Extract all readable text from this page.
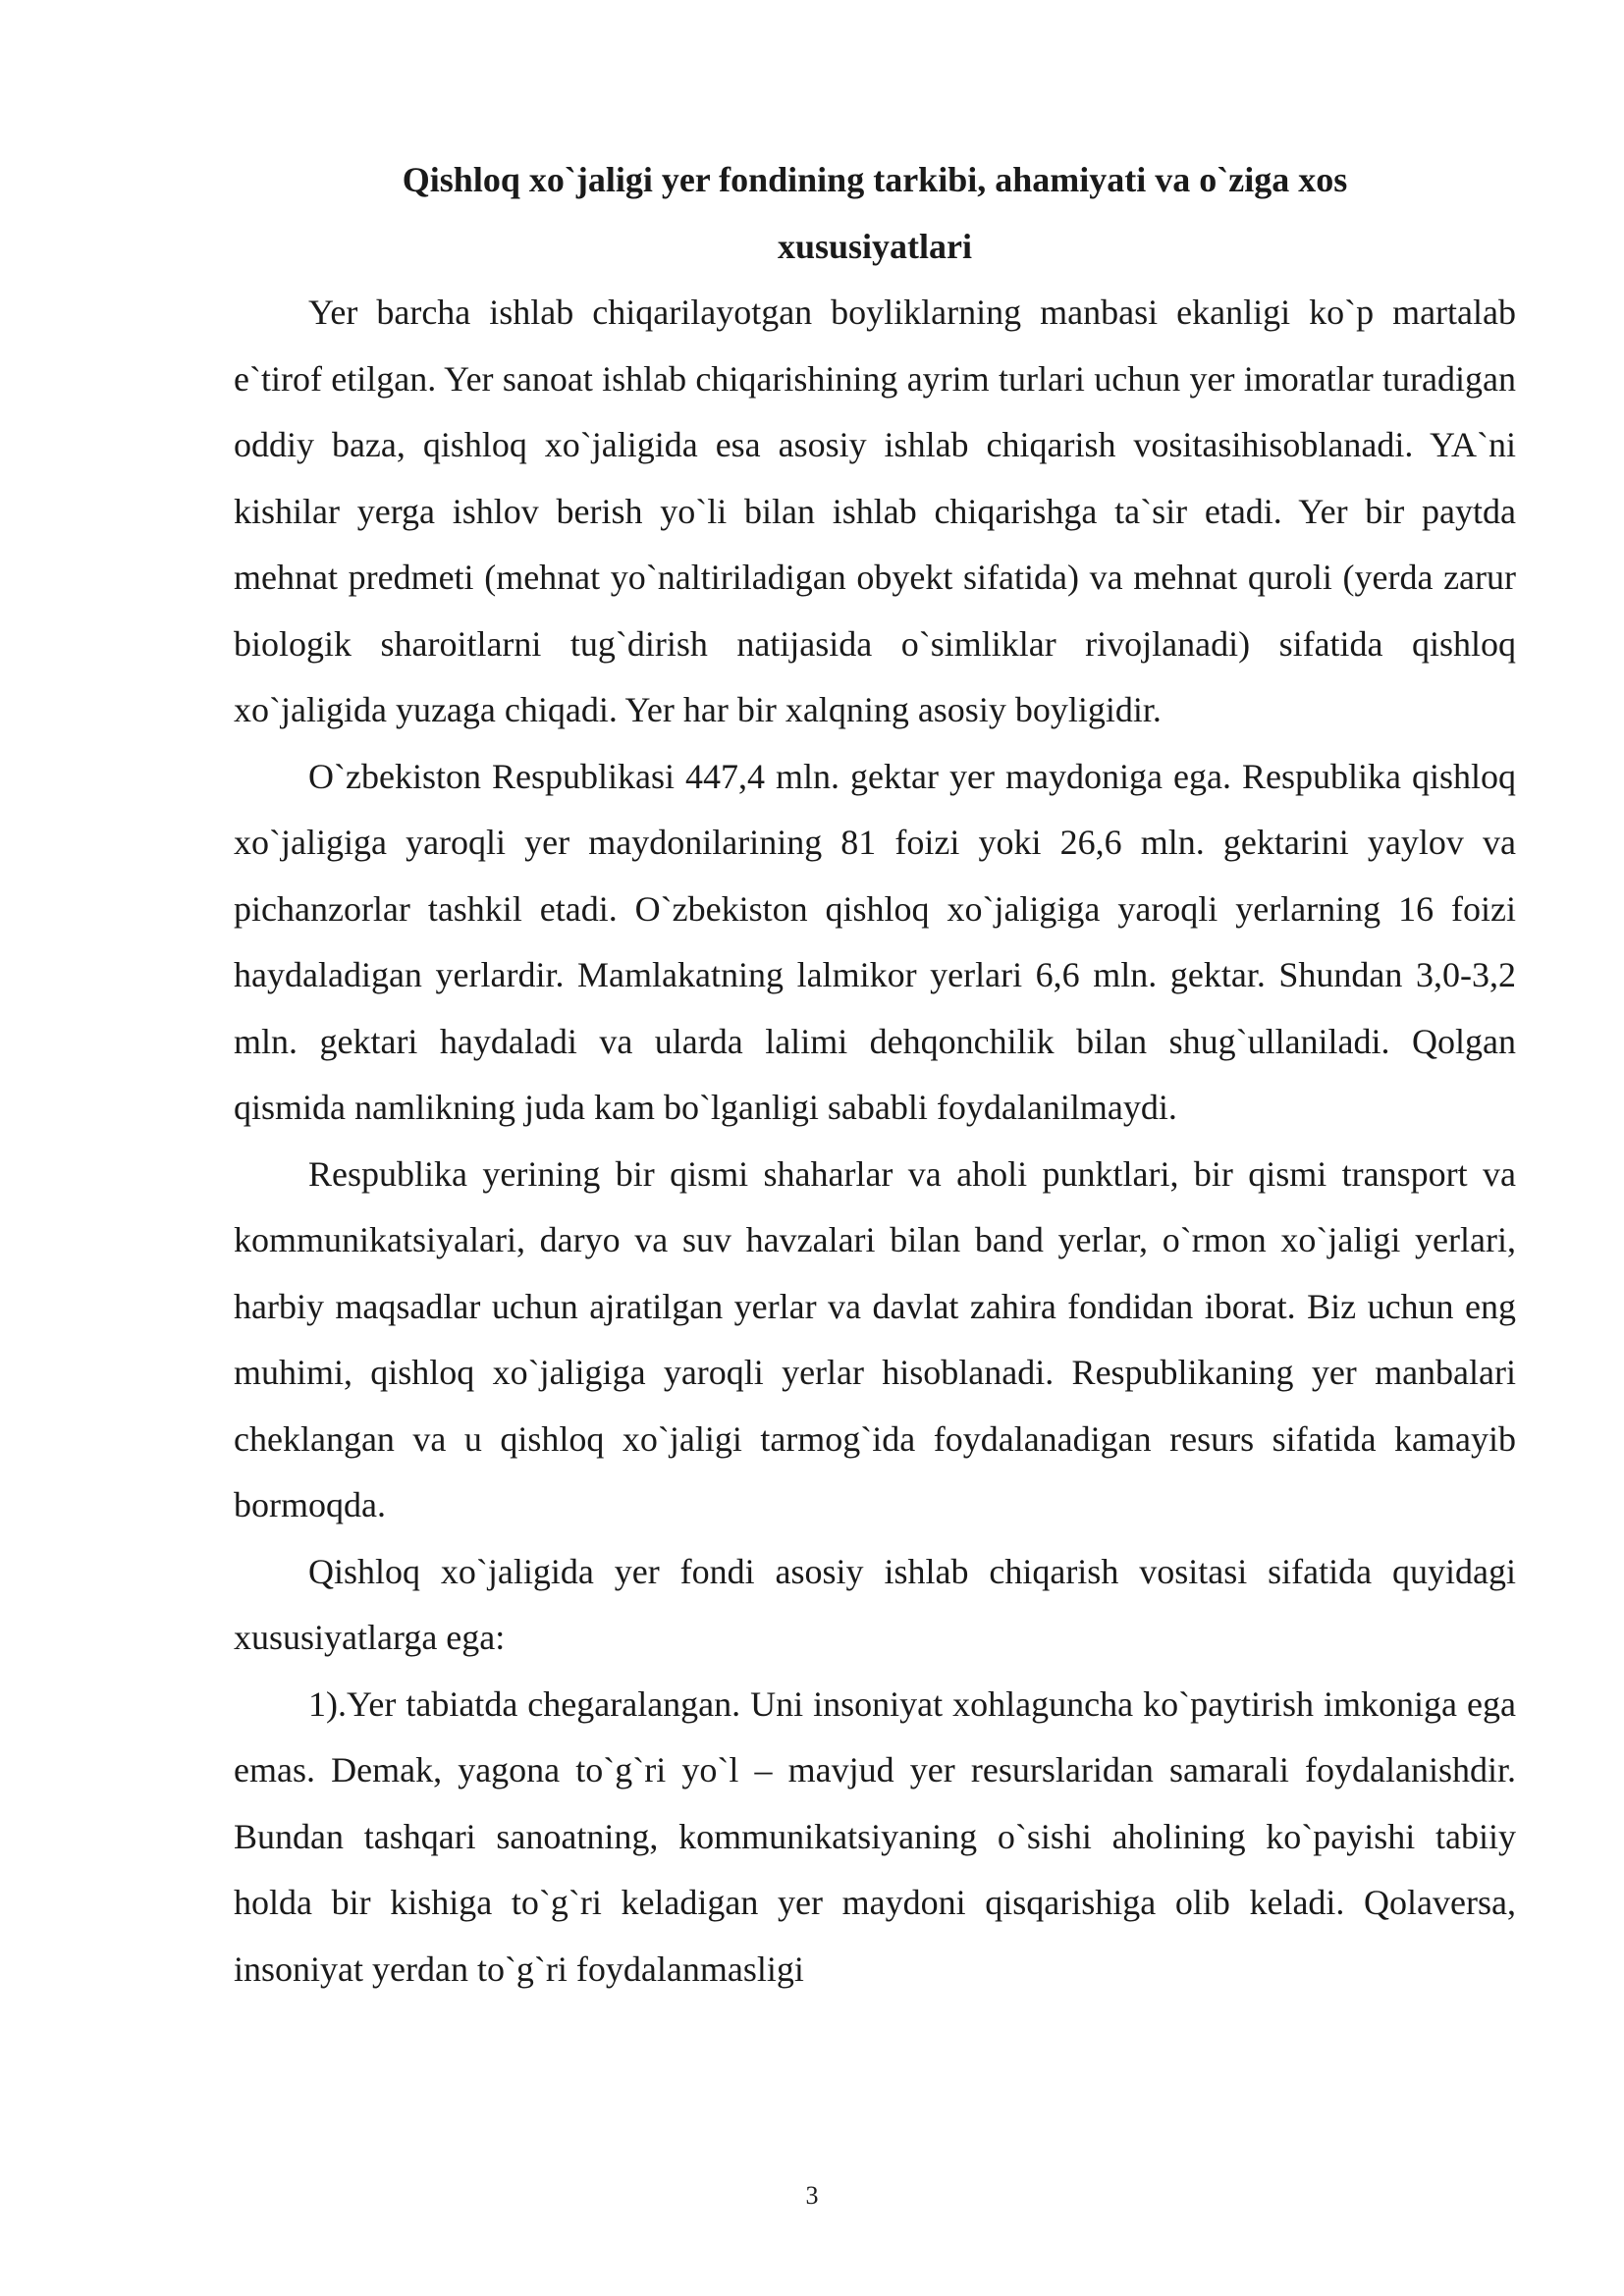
Qishloq xo`jaligi yer fondining tarkibi, ahamiyati va o`ziga xos
xususiyatlari

Yer barcha ishlab chiqarilayotgan boyliklarning manbasi ekanligi ko`p martalab e`tirof etilgan. Yer sanoat ishlab chiqarishining ayrim turlari uchun yer imoratlar turadigan oddiy baza, qishloq xo`jaligida esa asosiy ishlab chiqarish vositasihisoblanadi. YA`ni kishilar yerga ishlov berish yo`li bilan ishlab chiqarishga ta`sir etadi. Yer bir paytda mehnat predmeti (mehnat yo`naltiriladigan obyekt sifatida) va mehnat quroli (yerda zarur biologik sharoitlarni tug`dirish natijasida o`simliklar rivojlanadi) sifatida qishloq xo`jaligida yuzaga chiqadi. Yer har bir xalqning asosiy boyligidir.

O`zbekiston Respublikasi 447,4 mln. gektar yer maydoniga ega. Respublika qishloq xo`jaligiga yaroqli yer maydonilarining 81 foizi yoki 26,6 mln. gektarini yaylov va pichanzorlar tashkil etadi. O`zbekiston qishloq xo`jaligiga yaroqli yerlarning 16 foizi haydaladigan yerlardir. Mamlakatning lalmikor yerlari 6,6 mln. gektar. Shundan 3,0-3,2 mln. gektari haydaladi va ularda lalimi dehqonchilik bilan shug`ullaniladi. Qolgan qismida namlikning juda kam bo`lganligi sababli foydalanilmaydi.

Respublika yerining bir qismi shaharlar va aholi punktlari, bir qismi transport va kommunikatsiyalari, daryo va suv havzalari bilan band yerlar, o`rmon xo`jaligi yerlari, harbiy maqsadlar uchun ajratilgan yerlar va davlat zahira fondidan iborat. Biz uchun eng muhimi, qishloq xo`jaligiga yaroqli yerlar hisoblanadi. Respublikaning yer manbalari cheklangan va u qishloq xo`jaligi tarmog`ida foydalanadigan resurs sifatida kamayib bormoqda.

Qishloq xo`jaligida yer fondi asosiy ishlab chiqarish vositasi sifatida quyidagi xususiyatlarga ega:

1).Yer tabiatda chegaralangan. Uni insoniyat xohlaguncha ko`paytirish imkoniga ega emas. Demak, yagona to`g`ri yo`l – mavjud yer resurslaridan samarali foydalanishdir. Bundan tashqari sanoatning, kommunikatsiyaning o`sishi aholining ko`payishi tabiiy holda bir kishiga to`g`ri keladigan yer maydoni qisqarishiga olib keladi. Qolaversa, insoniyat yerdan to`g`ri foydalanmasligi

3
